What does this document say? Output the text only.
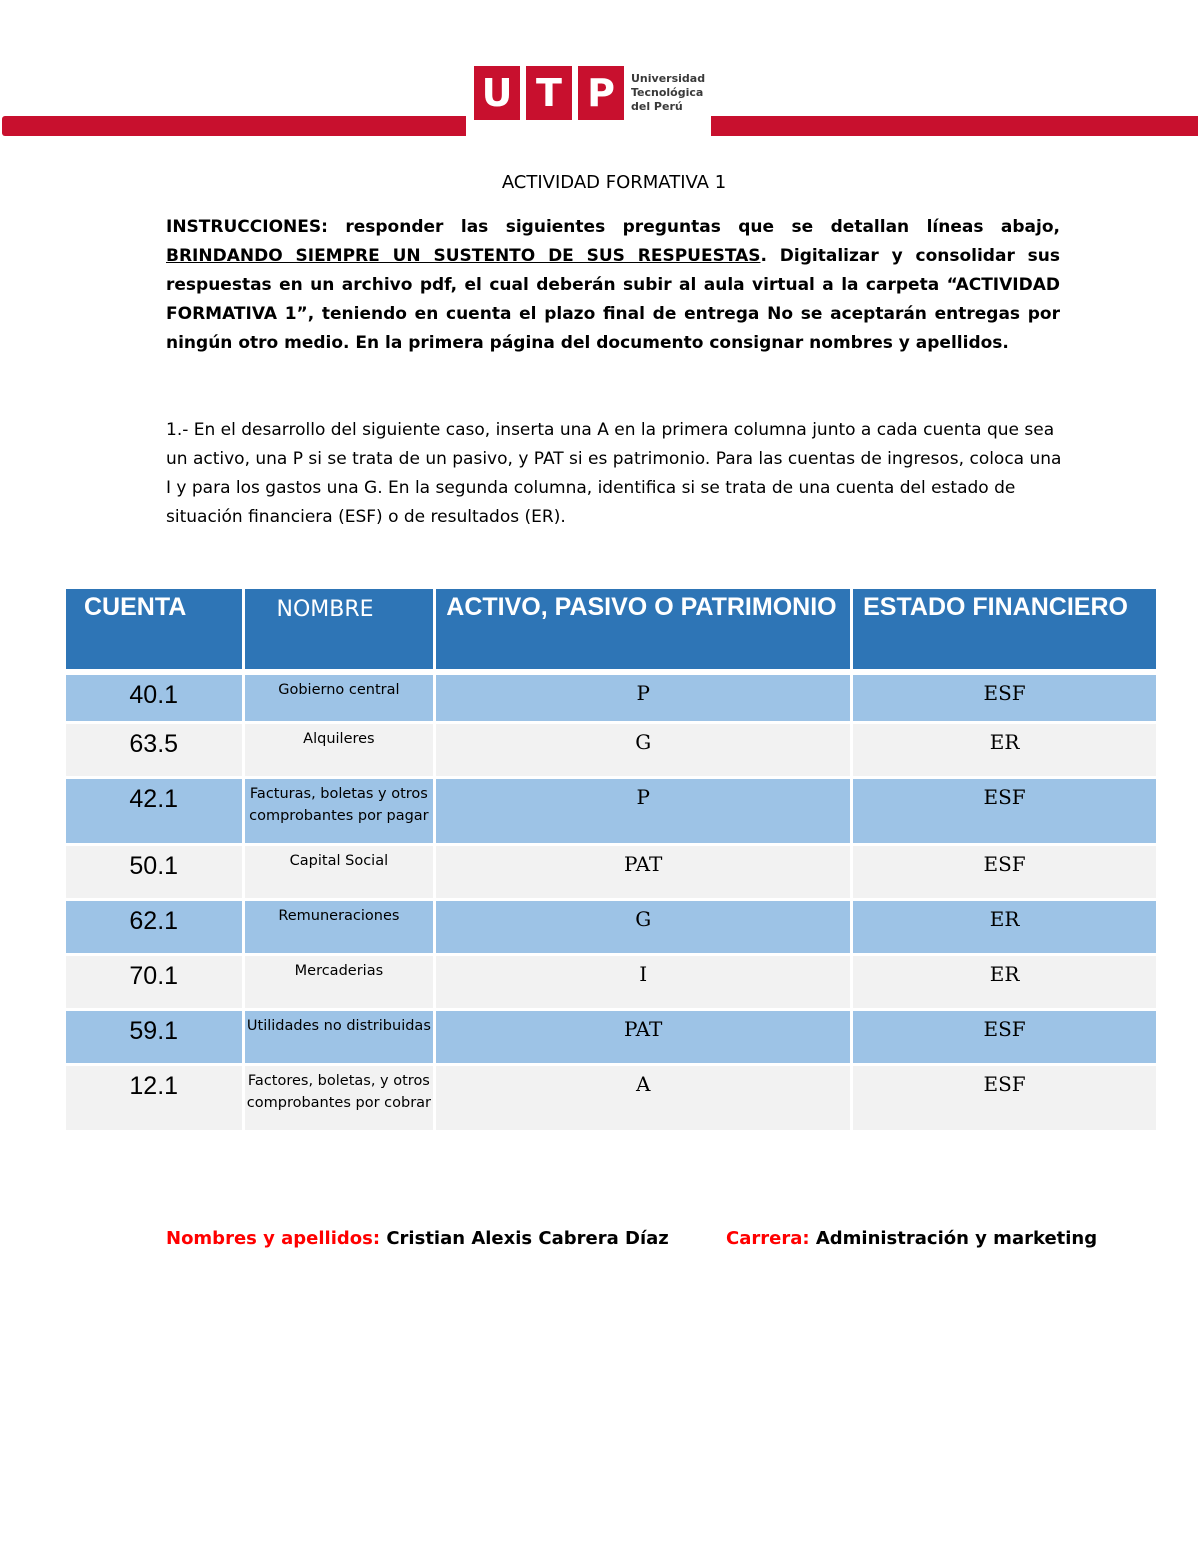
U T P	Universidad
Tecnológica
del Perú
ACTIVIDAD FORMATIVA 1
INSTRUCCIONES: responder las siguientes preguntas que se detallan líneas abajo, BRINDANDO SIEMPRE UN SUSTENTO DE SUS RESPUESTAS. Digitalizar y consolidar sus respuestas en un archivo pdf, el cual deberán subir al aula virtual a la carpeta “ACTIVIDAD FORMATIVA 1”, teniendo en cuenta el plazo final de entrega No se aceptarán entregas por ningún otro medio. En la primera página del documento consignar nombres y apellidos.
1.- En el desarrollo del siguiente caso, inserta una A en la primera columna junto a cada cuenta que sea un activo, una P si se trata de un pasivo, y PAT si es patrimonio. Para las cuentas de ingresos, coloca una I y para los gastos una G. En la segunda columna, identifica si se trata de una cuenta del estado de situación financiera (ESF) o de resultados (ER).
CUENTA	NOMBRE	ACTIVO, PASIVO O PATRIMONIO	ESTADO FINANCIERO
40.1	Gobierno central	P	ESF
63.5	Alquileres	G	ER
42.1	Facturas, boletas y otros comprobantes por pagar	P	ESF
50.1	Capital Social	PAT	ESF
62.1	Remuneraciones	G	ER
70.1	Mercaderias	I	ER
59.1	Utilidades no distribuidas	PAT	ESF
12.1	Factores, boletas, y otros comprobantes por cobrar	A	ESF
Nombres y apellidos: Cristian Alexis Cabrera Díaz	Carrera: Administración y marketing
